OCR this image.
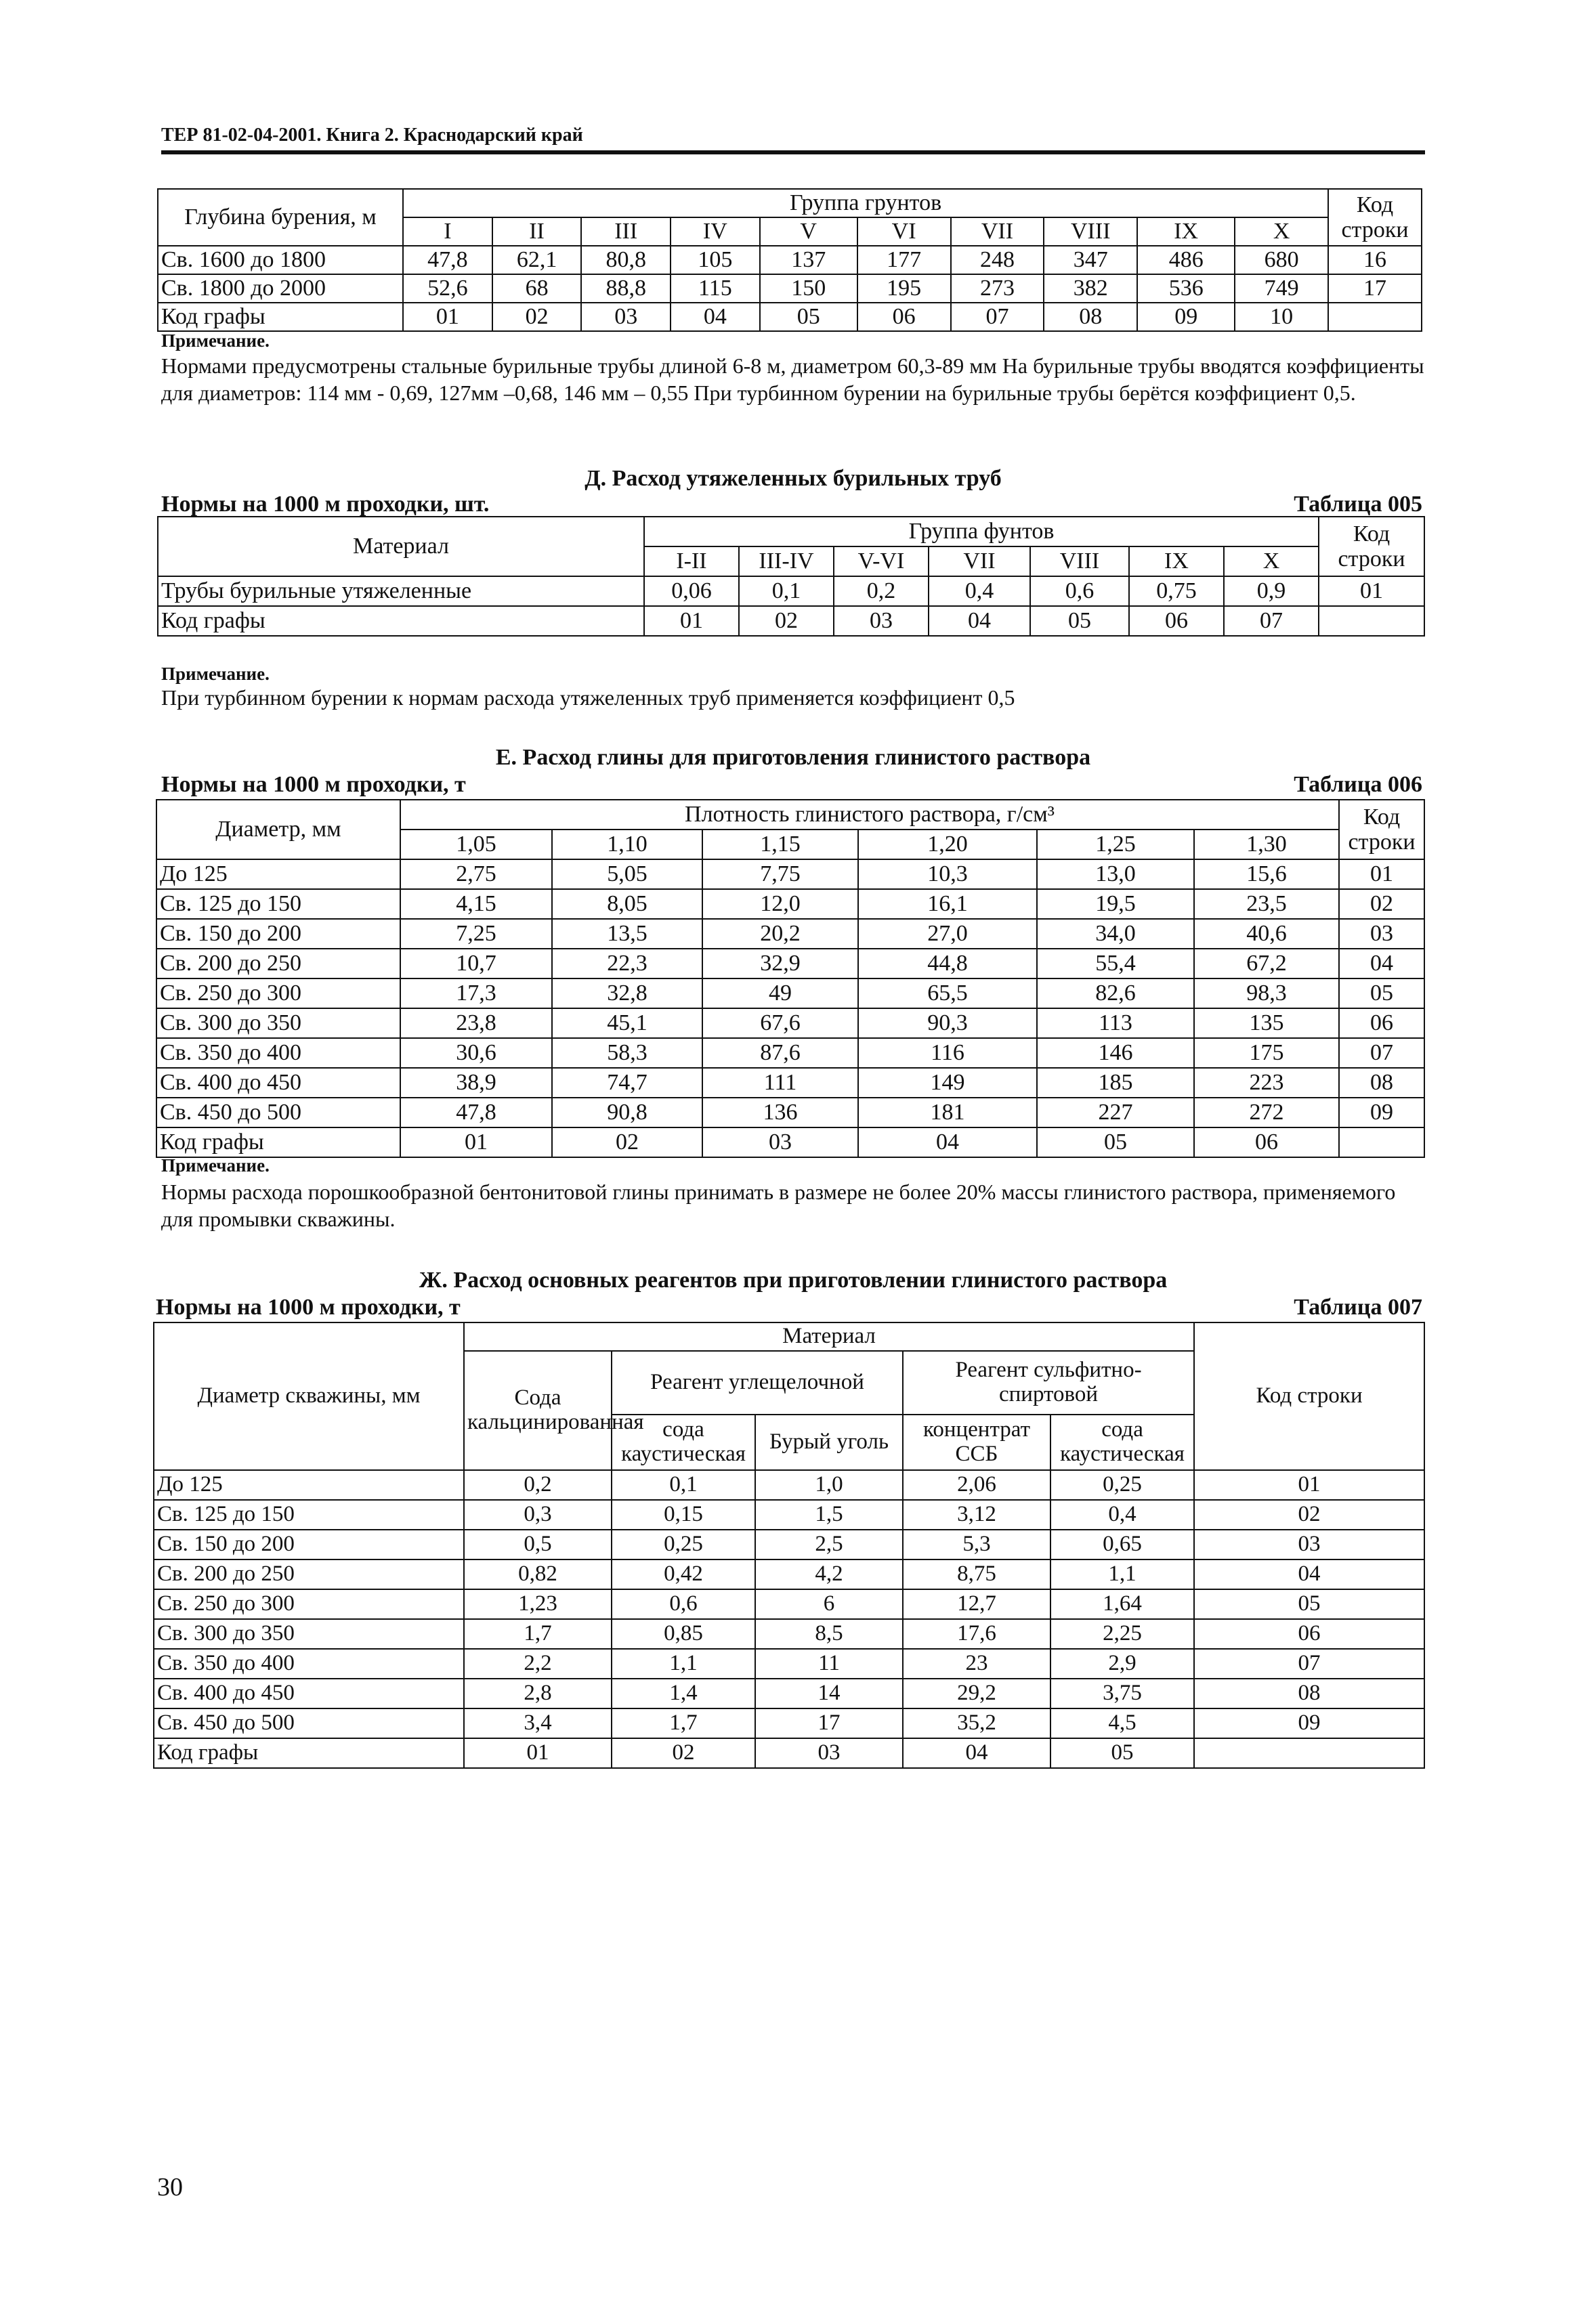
ТЕР 81-02-04-2001. Книга 2. Краснодарский край
Глубина бурения, м	Группа грунтов										Код строки
	I	II	III	IV	V	VI	VII	VIII	IX	X	
Св. 1600 до 1800	47,8	62,1	80,8	105	137	177	248	347	486	680	16
Св. 1800 до 2000	52,6	68	88,8	115	150	195	273	382	536	749	17
Код графы	01	02	03	04	05	06	07	08	09	10	
Примечание.
Нормами предусмотрены стальные бурильные трубы длиной 6-8 м, диаметром 60,3-89 мм На бурильные трубы вводятся коэффициенты для диаметров: 114 мм - 0,69, 127мм –0,68, 146 мм – 0,55 При турбинном бурении на бурильные трубы берётся коэффициент 0,5.
Д. Расход утяжеленных бурильных труб
Нормы на 1000 м проходки, шт.	Таблица 005
Материал	Группа фунтов							Код строки
	I-II	III-IV	V-VI	VII	VIII	IX	X	
Трубы бурильные утяжеленные	0,06	0,1	0,2	0,4	0,6	0,75	0,9	01
Код графы	01	02	03	04	05	06	07	
Примечание.
При турбинном бурении к нормам расхода утяжеленных труб применяется коэффициент 0,5
Е. Расход глины для приготовления глинистого раствора
Нормы на 1000 м проходки, т	Таблица 006
Диаметр, мм	Плотность глинистого раствора, г/см³						Код строки
	1,05	1,10	1,15	1,20	1,25	1,30	
До 125	2,75	5,05	7,75	10,3	13,0	15,6	01
Св. 125 до 150	4,15	8,05	12,0	16,1	19,5	23,5	02
Св. 150 до 200	7,25	13,5	20,2	27,0	34,0	40,6	03
Св. 200 до 250	10,7	22,3	32,9	44,8	55,4	67,2	04
Св. 250 до 300	17,3	32,8	49	65,5	82,6	98,3	05
Св. 300 до 350	23,8	45,1	67,6	90,3	113	135	06
Св. 350 до 400	30,6	58,3	87,6	116	146	175	07
Св. 400 до 450	38,9	74,7	111	149	185	223	08
Св. 450 до 500	47,8	90,8	136	181	227	272	09
Код графы	01	02	03	04	05	06	
Примечание.
Нормы расхода порошкообразной бентонитовой глины принимать в размере не более 20% массы глинистого раствора, применяемого для промывки скважины.
Ж. Расход основных реагентов при приготовлении глинистого раствора
Нормы на 1000 м проходки, т	Таблица 007
Диаметр скважины, мм	Материал					Код строки
	Сода кальцинированная	Реагент углещелочной		Реагент сульфитно-спиртовой		
		сода каустическая	Бурый уголь	концентрат ССБ	сода каустическая	
До 125	0,2	0,1	1,0	2,06	0,25	01
Св. 125 до 150	0,3	0,15	1,5	3,12	0,4	02
Св. 150 до 200	0,5	0,25	2,5	5,3	0,65	03
Св. 200 до 250	0,82	0,42	4,2	8,75	1,1	04
Св. 250 до 300	1,23	0,6	6	12,7	1,64	05
Св. 300 до 350	1,7	0,85	8,5	17,6	2,25	06
Св. 350 до 400	2,2	1,1	11	23	2,9	07
Св. 400 до 450	2,8	1,4	14	29,2	3,75	08
Св. 450 до 500	3,4	1,7	17	35,2	4,5	09
Код графы	01	02	03	04	05	
30
